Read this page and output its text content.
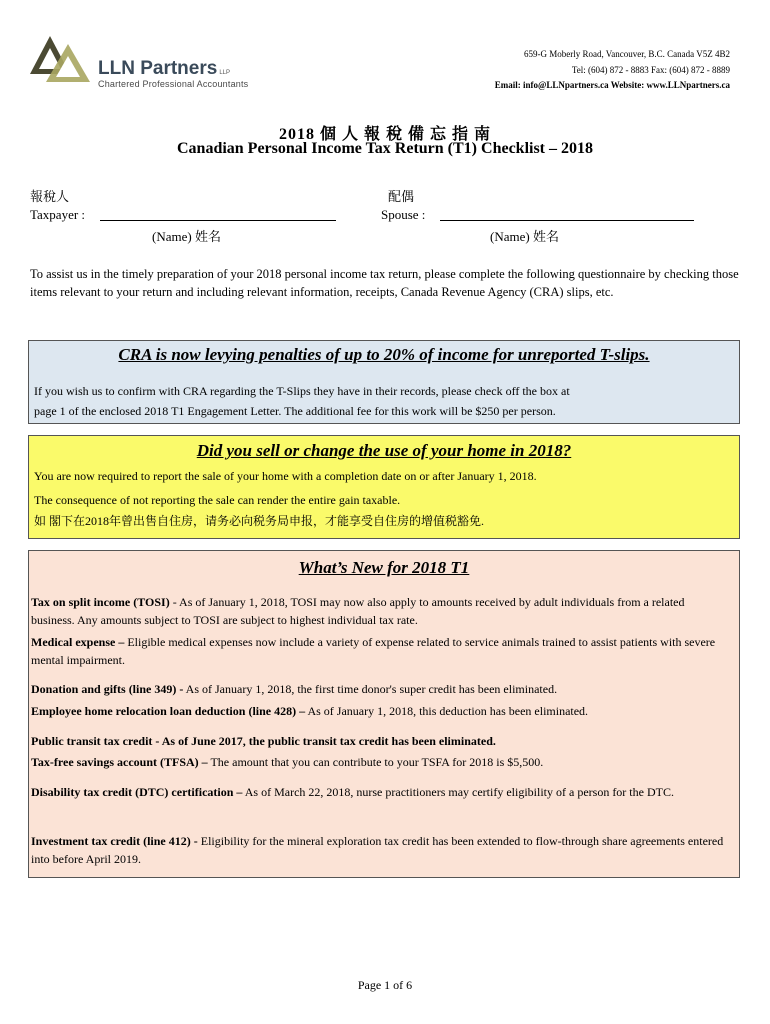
LLN Partners LLP
Chartered Professional Accountants
659-G Moberly Road, Vancouver, B.C. Canada V5Z 4B2
Tel: (604) 872 - 8883 Fax: (604) 872 - 8889
Email: info@LLNpartners.ca Website: www.LLNpartners.ca
2018 個 人 報 稅 備 忘 指 南
Canadian Personal Income Tax Return (T1) Checklist – 2018
報稅人
Taxpayer :
(Name) 姓名
配偶
Spouse :
(Name) 姓名
To assist us in the timely preparation of your 2018 personal income tax return, please complete the following questionnaire by checking those items relevant to your return and including relevant information, receipts, Canada Revenue Agency (CRA) slips, etc.
CRA is now levying penalties of up to 20% of income for unreported T-slips.
If you wish us to confirm with CRA regarding the T-Slips they have in their records, please check off the box at
page 1 of the enclosed 2018 T1 Engagement Letter. The additional fee for this work will be $250 per person.
Did you sell or change the use of your home in 2018?
You are now required to report the sale of your home with a completion date on or after January 1, 2018.
The consequence of not reporting the sale can render the entire gain taxable.
如 閣下在2018年曾出售自住房，请务必向税务局申报，才能享受自住房的增值税豁免.
What’s New for 2018 T1
Tax on split income (TOSI) - As of January 1, 2018, TOSI may now also apply to amounts received by adult individuals from a related business. Any amounts subject to TOSI are subject to highest individual tax rate.
Medical expense – Eligible medical expenses now include a variety of expense related to service animals trained to assist patients with severe mental impairment.
Donation and gifts (line 349) - As of January 1, 2018, the first time donor's super credit has been eliminated.
Employee home relocation loan deduction (line 428) – As of January 1, 2018, this deduction has been eliminated.
Public transit tax credit - As of June 2017, the public transit tax credit has been eliminated.
Tax-free savings account (TFSA) – The amount that you can contribute to your TSFA for 2018 is $5,500.
Disability tax credit (DTC) certification – As of March 22, 2018, nurse practitioners may certify eligibility of a person for the DTC.
Investment tax credit (line 412) - Eligibility for the mineral exploration tax credit has been extended to flow-through share agreements entered into before April 2019.
Page 1 of 6
